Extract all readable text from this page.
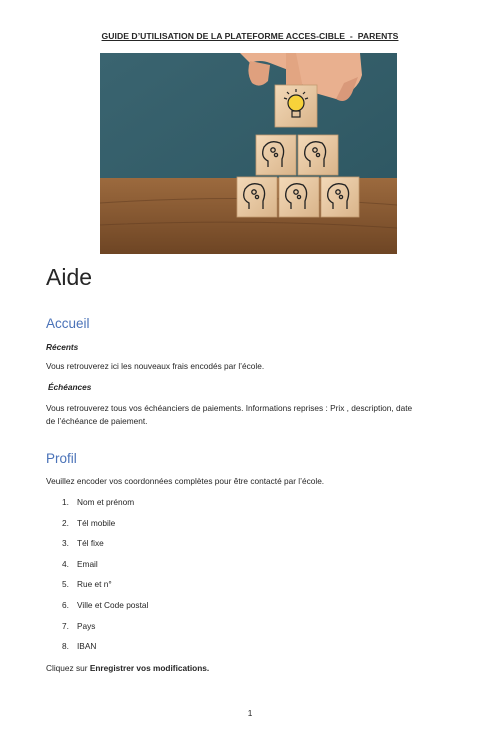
GUIDE D’UTILISATION DE LA PLATEFORME ACCES-CIBLE  -  PARENTS
Aide
Accueil
Récents
Vous retrouverez ici les nouveaux frais encodés par l’école.
Échéances
Vous retrouverez tous vos échéanciers de paiements. Informations reprises : Prix , description, date
de l’échéance de paiement.
Profil
Veuillez encoder vos coordonnées complètes pour être contacté par l’école.
1. Nom et prénom
2. Tél mobile
3. Tél fixe
4. Email
5. Rue et n°
6. Ville et Code postal
7. Pays
8. IBAN
Cliquez sur Enregistrer vos modifications.
1
